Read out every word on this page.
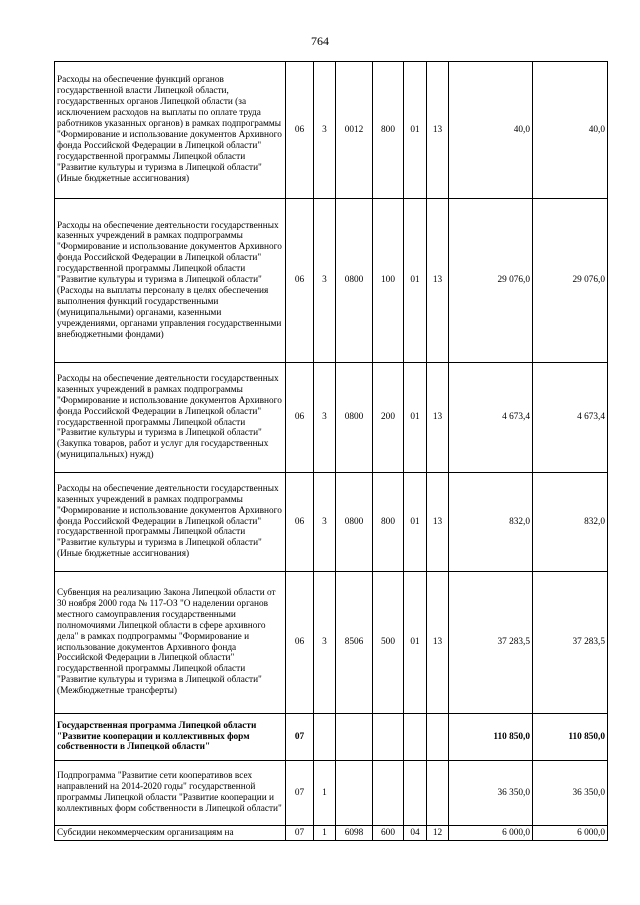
764
Расходы на обеспечение функций органов государственной власти Липецкой области, государственных органов Липецкой области (за исключением расходов на выплаты по оплате труда работников указанных органов) в рамках подпрограммы "Формирование и использование документов Архивного фонда Российской Федерации в Липецкой области" государственной программы Липецкой области "Развитие культуры и туризма в Липецкой области" (Иные бюджетные ассигнования)	06	3	0012	800	01	13	40,0	40,0
Расходы на обеспечение деятельности государственных казенных учреждений в рамках подпрограммы "Формирование и использование документов Архивного фонда Российской Федерации в Липецкой области" государственной программы Липецкой области "Развитие культуры и туризма в Липецкой области" (Расходы на выплаты персоналу в целях обеспечения выполнения функций государственными (муниципальными) органами, казенными учреждениями, органами управления государственными внебюджетными фондами)	06	3	0800	100	01	13	29 076,0	29 076,0
Расходы на обеспечение деятельности государственных казенных учреждений в рамках подпрограммы "Формирование и использование документов Архивного фонда Российской Федерации в Липецкой области" государственной программы Липецкой области "Развитие культуры и туризма в Липецкой области" (Закупка товаров, работ и услуг для государственных (муниципальных) нужд)	06	3	0800	200	01	13	4 673,4	4 673,4
Расходы на обеспечение деятельности государственных казенных учреждений в рамках подпрограммы "Формирование и использование документов Архивного фонда Российской Федерации в Липецкой области" государственной программы Липецкой области "Развитие культуры и туризма в Липецкой области" (Иные бюджетные ассигнования)	06	3	0800	800	01	13	832,0	832,0
Субвенция на реализацию Закона Липецкой области от 30 ноября 2000 года № 117-ОЗ "О наделении органов местного самоуправления государственными полномочиями Липецкой области в сфере архивного дела" в рамках подпрограммы "Формирование и использование документов Архивного фонда Российской Федерации в Липецкой области" государственной программы Липецкой области "Развитие культуры и туризма в Липецкой области" (Межбюджетные трансферты)	06	3	8506	500	01	13	37 283,5	37 283,5
Государственная программа Липецкой области "Развитие кооперации и коллективных форм собственности в Липецкой области"	07						110 850,0	110 850,0
Подпрограмма "Развитие сети кооперативов всех направлений на 2014-2020 годы" государственной программы Липецкой области "Развитие кооперации и коллективных форм собственности в Липецкой области"	07	1					36 350,0	36 350,0
Субсидии некоммерческим организациям на	07	1	6098	600	04	12	6 000,0	6 000,0
